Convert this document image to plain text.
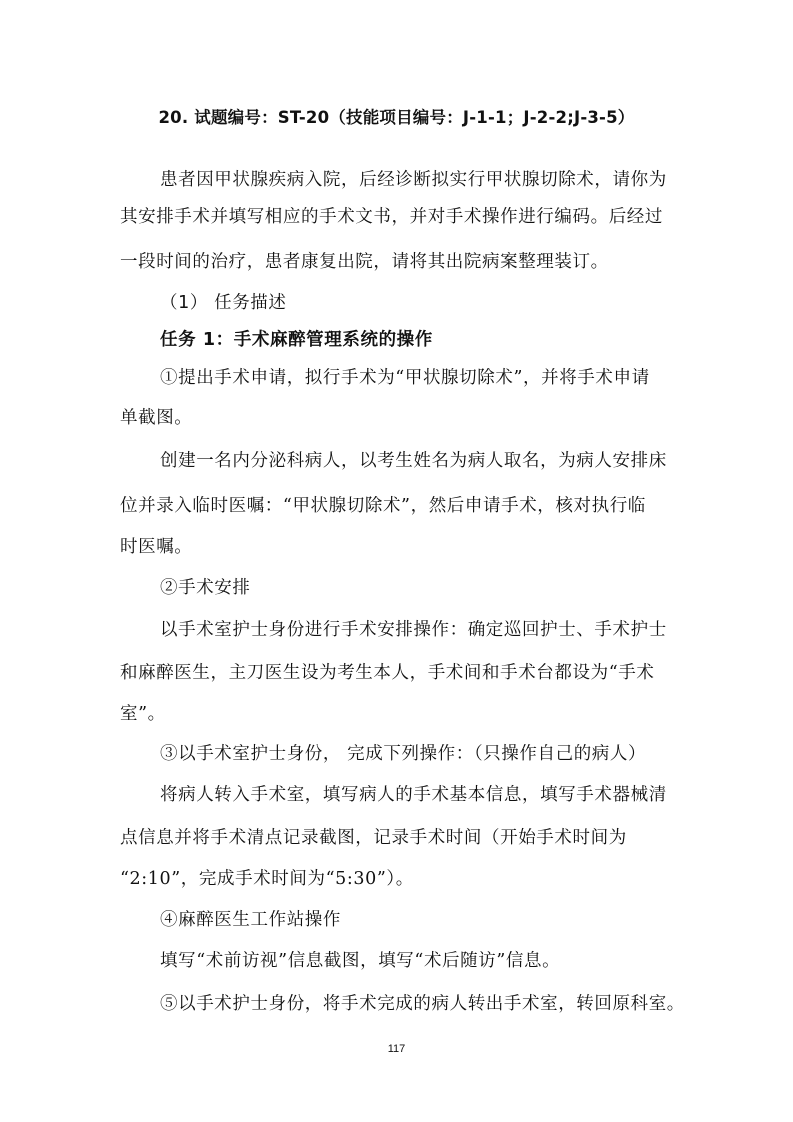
20. 试题编号：ST-20（技能项目编号：J-1-1；J-2-2;J-3-5）
患者因甲状腺疾病入院，后经诊断拟实行甲状腺切除术，请你为
其安排手术并填写相应的手术文书，并对手术操作进行编码。后经过
一段时间的治疗，患者康复出院，请将其出院病案整理装订。
（1） 任务描述
任务 1：手术麻醉管理系统的操作
①提出手术申请，拟行手术为“甲状腺切除术”，并将手术申请
单截图。
创建一名内分泌科病人，以考生姓名为病人取名，为病人安排床
位并录入临时医嘱：“甲状腺切除术”，然后申请手术，核对执行临
时医嘱。
②手术安排
以手术室护士身份进行手术安排操作：确定巡回护士、手术护士
和麻醉医生，主刀医生设为考生本人，手术间和手术台都设为“手术
室”。
③以手术室护士身份， 完成下列操作：（只操作自己的病人）
将病人转入手术室，填写病人的手术基本信息，填写手术器械清
点信息并将手术清点记录截图，记录手术时间（开始手术时间为
“2:10”，完成手术时间为“5:30”）。
④麻醉医生工作站操作
填写“术前访视”信息截图，填写“术后随访”信息。
⑤以手术护士身份，将手术完成的病人转出手术室，转回原科室。
117
